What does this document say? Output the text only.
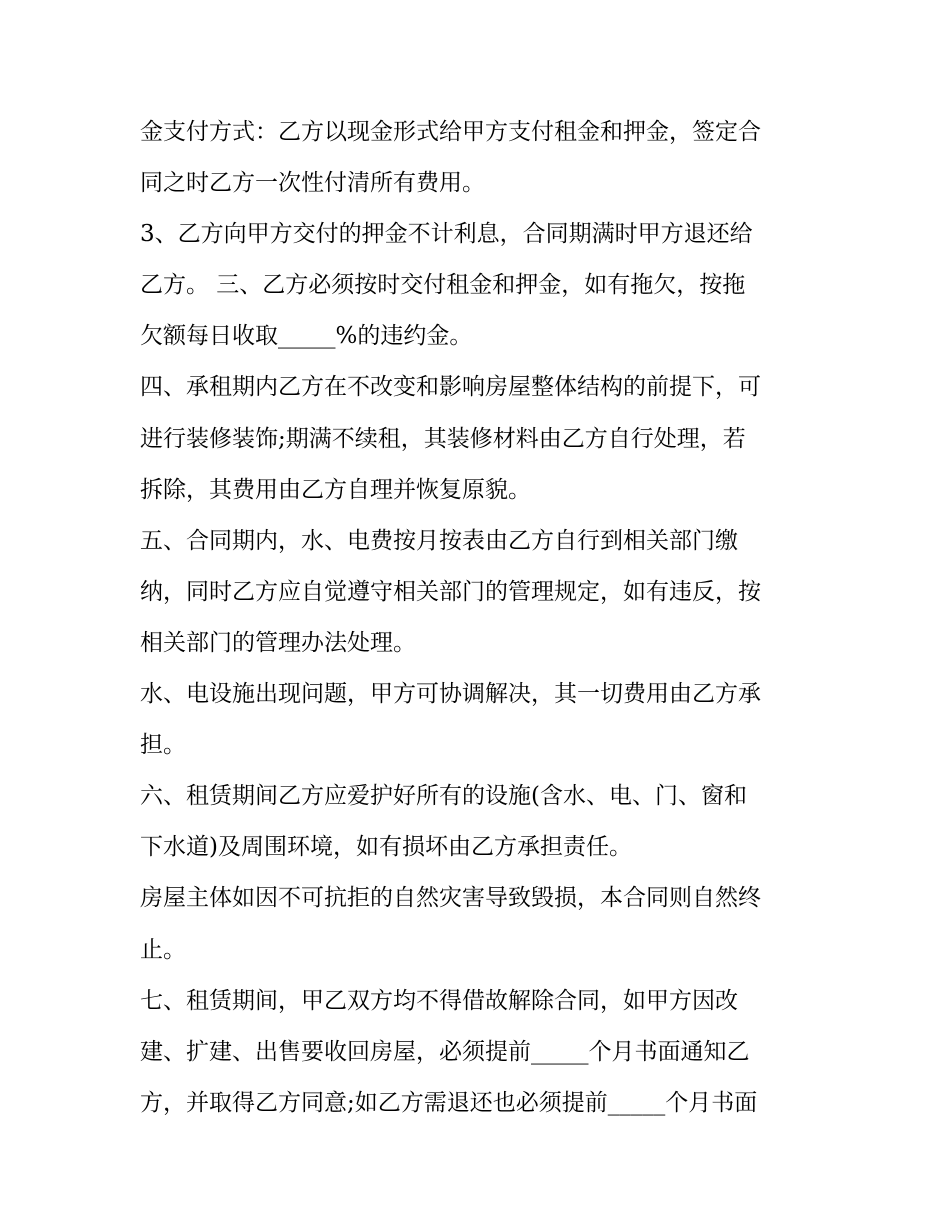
金支付方式：乙方以现金形式给甲方支付租金和押金，签定合
同之时乙方一次性付清所有费用。
3、乙方向甲方交付的押金不计利息，合同期满时甲方退还给
乙方。 三、乙方必须按时交付租金和押金，如有拖欠，按拖
欠额每日收取_____%的违约金。
四、承租期内乙方在不改变和影响房屋整体结构的前提下，可
进行装修装饰;期满不续租，其装修材料由乙方自行处理，若
拆除，其费用由乙方自理并恢复原貌。
五、合同期内，水、电费按月按表由乙方自行到相关部门缴
纳，同时乙方应自觉遵守相关部门的管理规定，如有违反，按
相关部门的管理办法处理。
水、电设施出现问题，甲方可协调解决，其一切费用由乙方承
担。
六、租赁期间乙方应爱护好所有的设施(含水、电、门、窗和
下水道)及周围环境，如有损坏由乙方承担责任。
房屋主体如因不可抗拒的自然灾害导致毁损，本合同则自然终
止。
七、租赁期间，甲乙双方均不得借故解除合同，如甲方因改
建、扩建、出售要收回房屋，必须提前_____个月书面通知乙
方，并取得乙方同意;如乙方需退还也必须提前_____个月书面
